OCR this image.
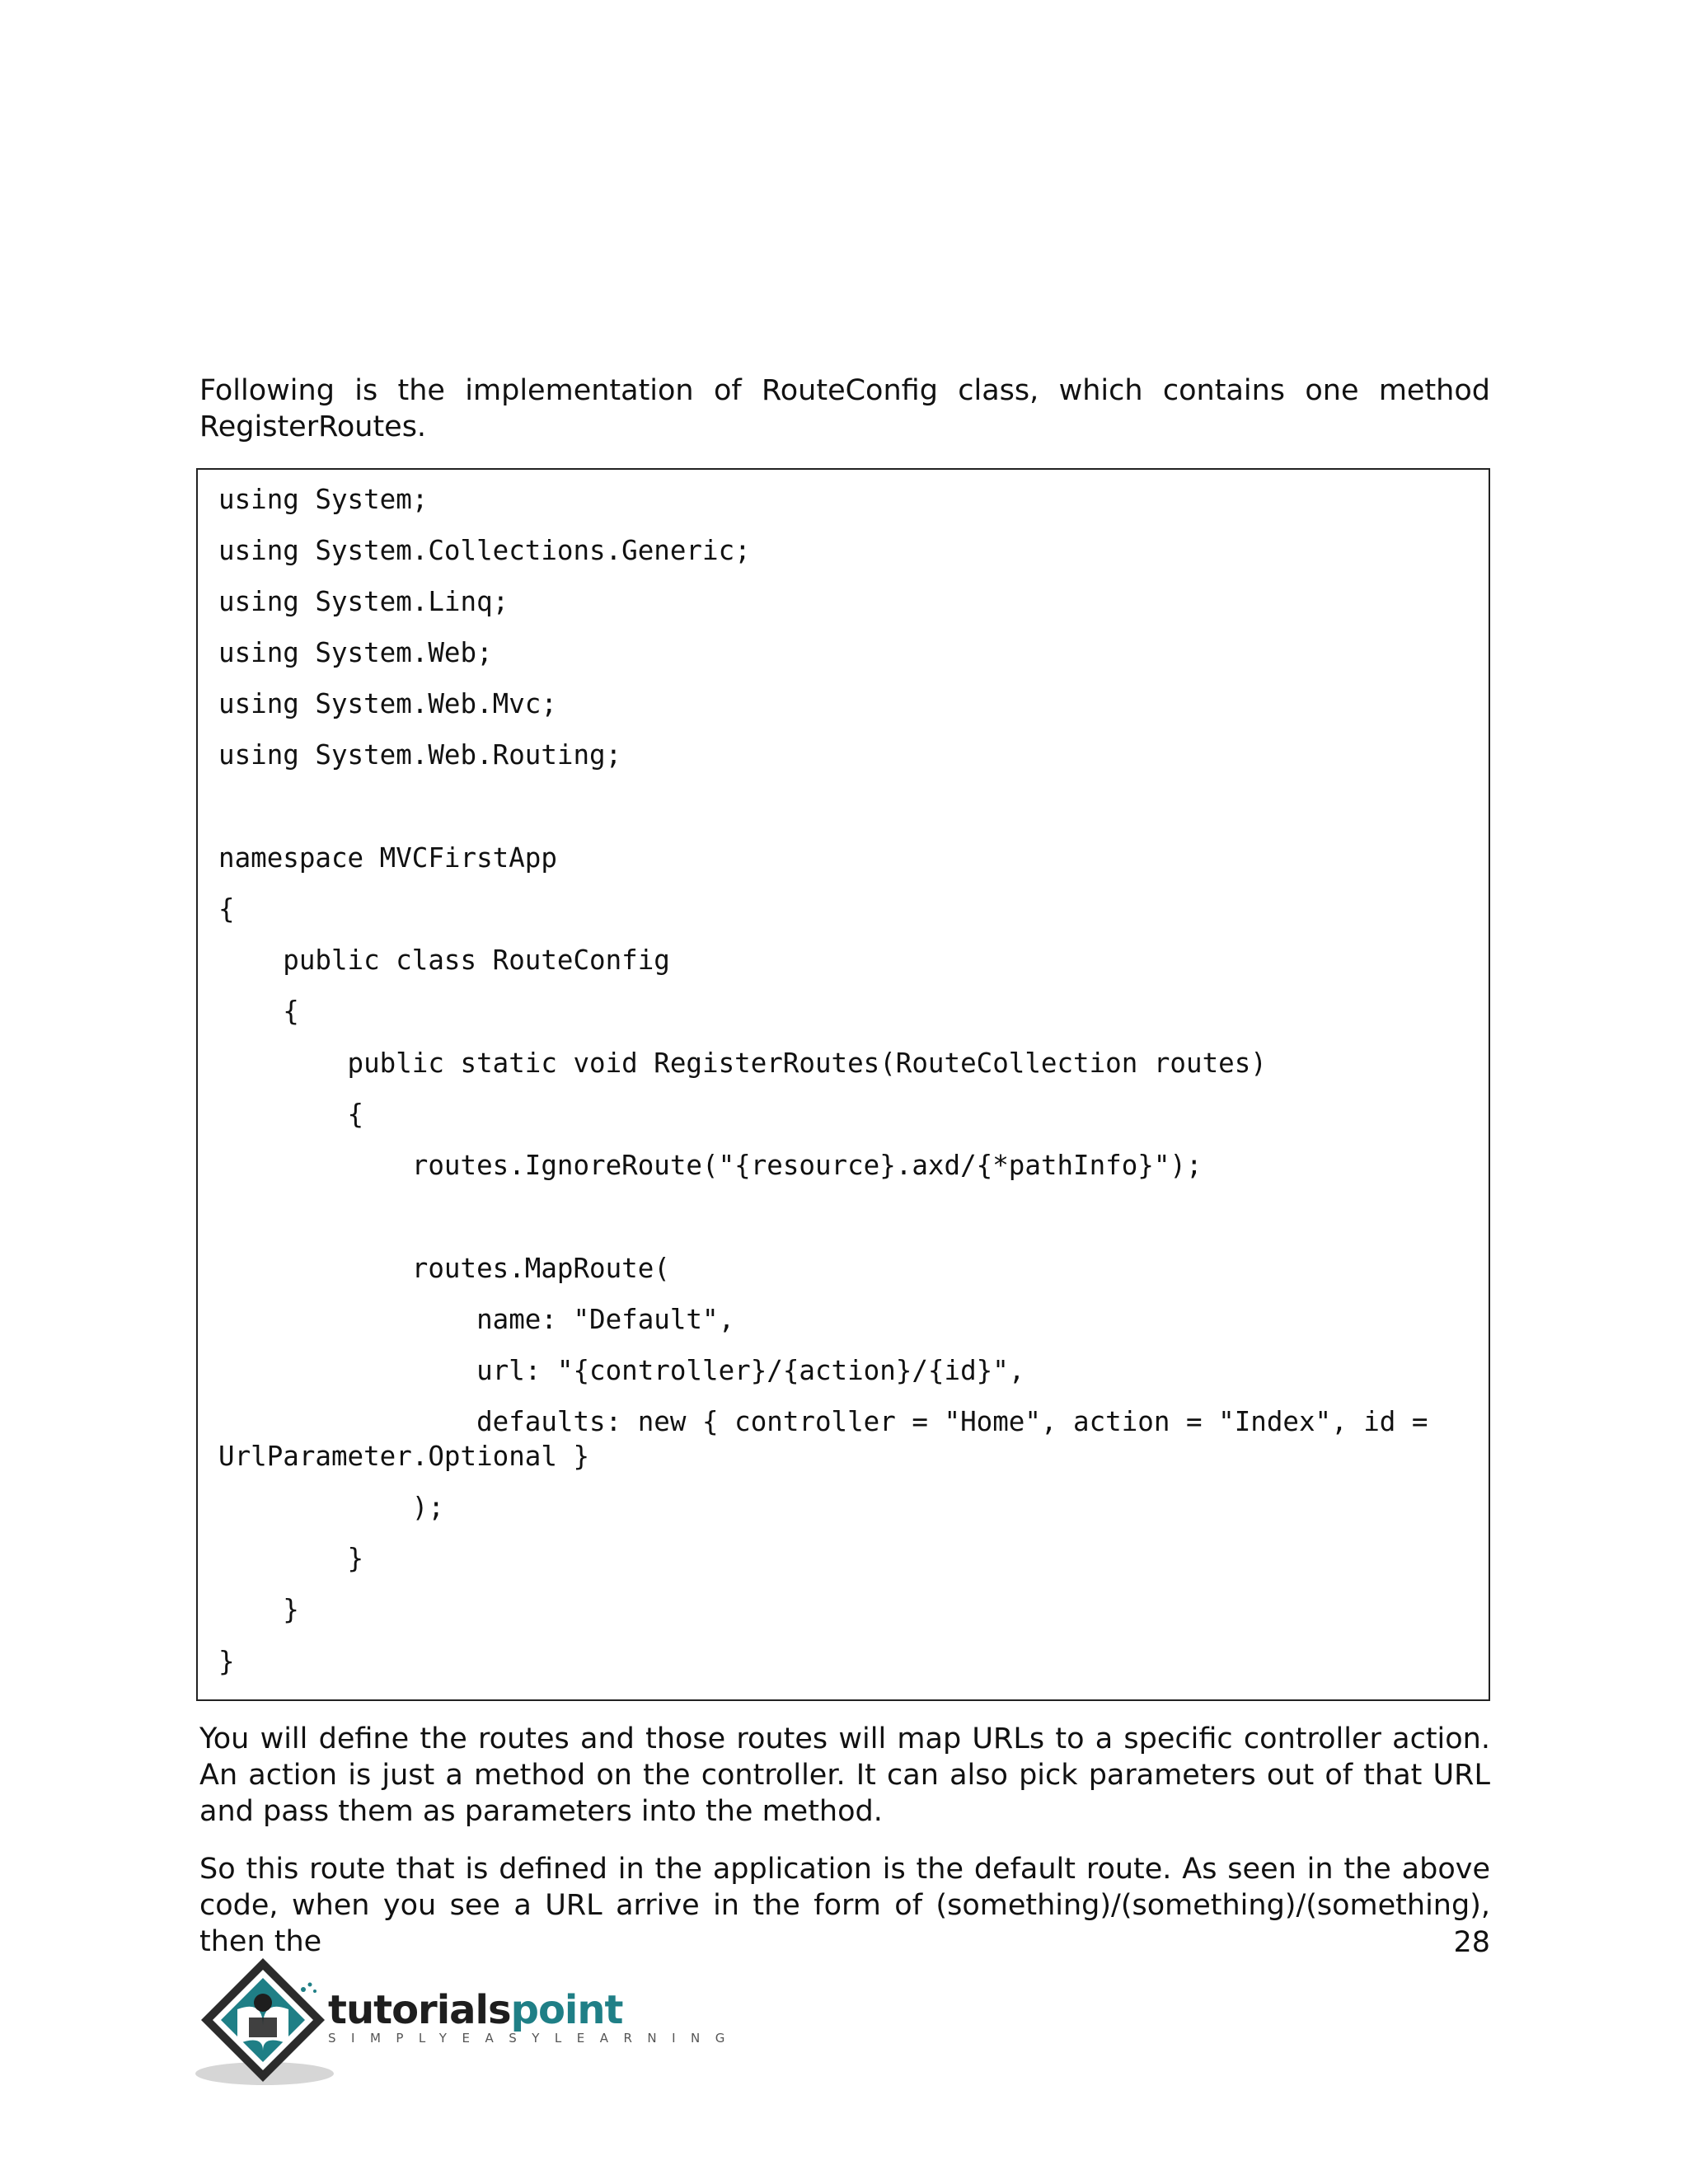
Following is the implementation of RouteConfig class, which contains one method RegisterRoutes.

using System;
using System.Collections.Generic;
using System.Linq;
using System.Web;
using System.Web.Mvc;
using System.Web.Routing;
namespace MVCFirstApp
{
public class RouteConfig
{
public static void RegisterRoutes(RouteCollection routes)
{
routes.IgnoreRoute("{resource}.axd/{*pathInfo}");
routes.MapRoute(
name: "Default",
url: "{controller}/{action}/{id}",
defaults: new { controller = "Home", action = "Index", id =
UrlParameter.Optional }
);
}
}
}

You will define the routes and those routes will map URLs to a specific controller action. An action is just a method on the controller. It can also pick parameters out of that URL and pass them as parameters into the method.

So this route that is defined in the application is the default route. As seen in the above code, when you see a URL arrive in the form of (something)/(something)/(something), then the	28
tutorialspoint
SIMPLYEASYLEARNING
